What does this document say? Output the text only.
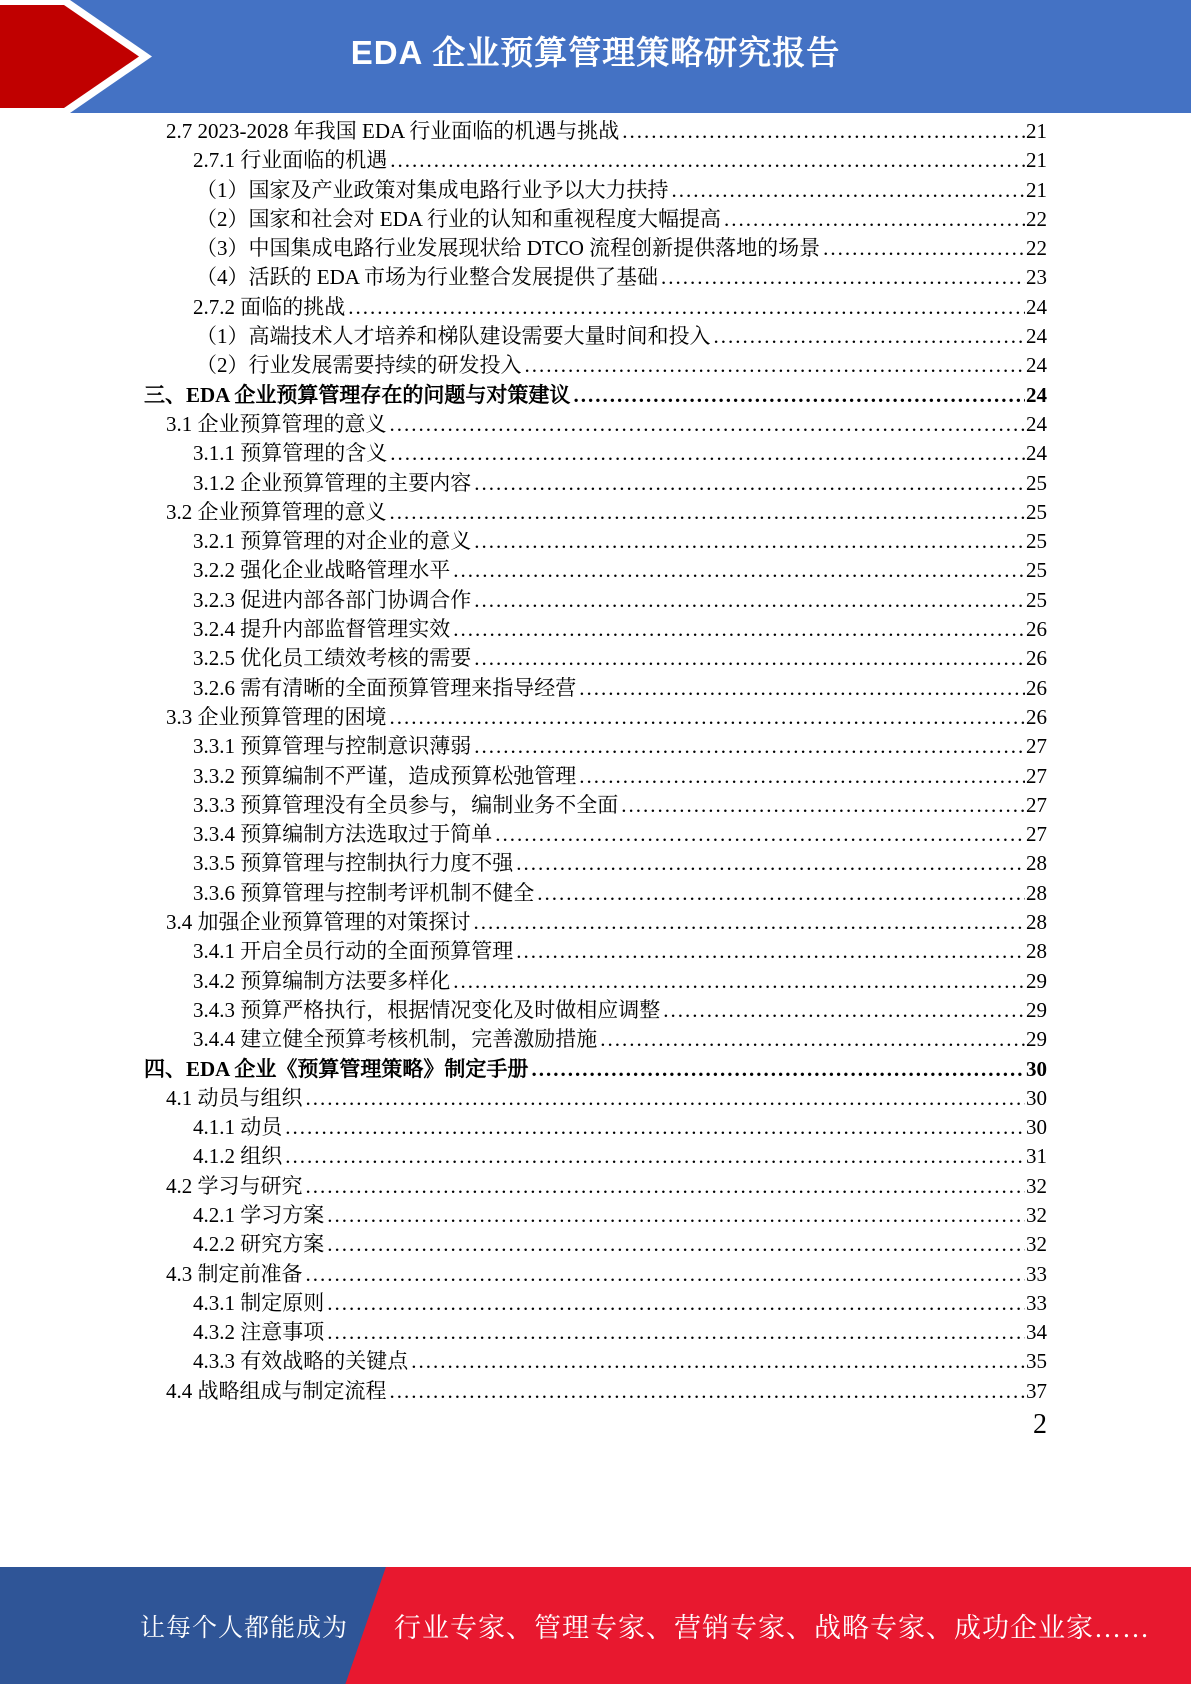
EDA 企业预算管理策略研究报告
2.7 2023-2028 年我国 EDA 行业面临的机遇与挑战 .....	21
2.7.1 行业面临的机遇 .....	21
（1）国家及产业政策对集成电路行业予以大力扶持 .....	21
（2）国家和社会对 EDA 行业的认知和重视程度大幅提高 .....	22
（3）中国集成电路行业发展现状给 DTCO 流程创新提供落地的场景 .....	22
（4）活跃的 EDA 市场为行业整合发展提供了基础 .....	23
2.7.2 面临的挑战 .....	24
（1）高端技术人才培养和梯队建设需要大量时间和投入 .....	24
（2）行业发展需要持续的研发投入 .....	24
三、EDA 企业预算管理存在的问题与对策建议 .....	24
3.1 企业预算管理的意义 .....	24
3.1.1 预算管理的含义 .....	24
3.1.2 企业预算管理的主要内容 .....	25
3.2 企业预算管理的意义 .....	25
3.2.1 预算管理的对企业的意义 .....	25
3.2.2 强化企业战略管理水平 .....	25
3.2.3 促进内部各部门协调合作 .....	25
3.2.4 提升内部监督管理实效 .....	26
3.2.5 优化员工绩效考核的需要 .....	26
3.2.6 需有清晰的全面预算管理来指导经营 .....	26
3.3 企业预算管理的困境 .....	26
3.3.1 预算管理与控制意识薄弱 .....	27
3.3.2 预算编制不严谨，造成预算松弛管理 .....	27
3.3.3 预算管理没有全员参与，编制业务不全面 .....	27
3.3.4 预算编制方法选取过于简单 .....	27
3.3.5 预算管理与控制执行力度不强 .....	28
3.3.6 预算管理与控制考评机制不健全 .....	28
3.4 加强企业预算管理的对策探讨 .....	28
3.4.1 开启全员行动的全面预算管理 .....	28
3.4.2 预算编制方法要多样化 .....	29
3.4.3 预算严格执行，根据情况变化及时做相应调整 .....	29
3.4.4 建立健全预算考核机制，完善激励措施 .....	29
四、EDA 企业《预算管理策略》制定手册 .....	30
4.1 动员与组织 .....	30
4.1.1 动员 .....	30
4.1.2 组织 .....	31
4.2 学习与研究 .....	32
4.2.1 学习方案 .....	32
4.2.2 研究方案 .....	32
4.3 制定前准备 .....	33
4.3.1 制定原则 .....	33
4.3.2 注意事项 .....	34
4.3.3 有效战略的关键点 .....	35
4.4 战略组成与制定流程 .....	37
2
让每个人都能成为 行业专家、管理专家、营销专家、战略专家、成功企业家……
